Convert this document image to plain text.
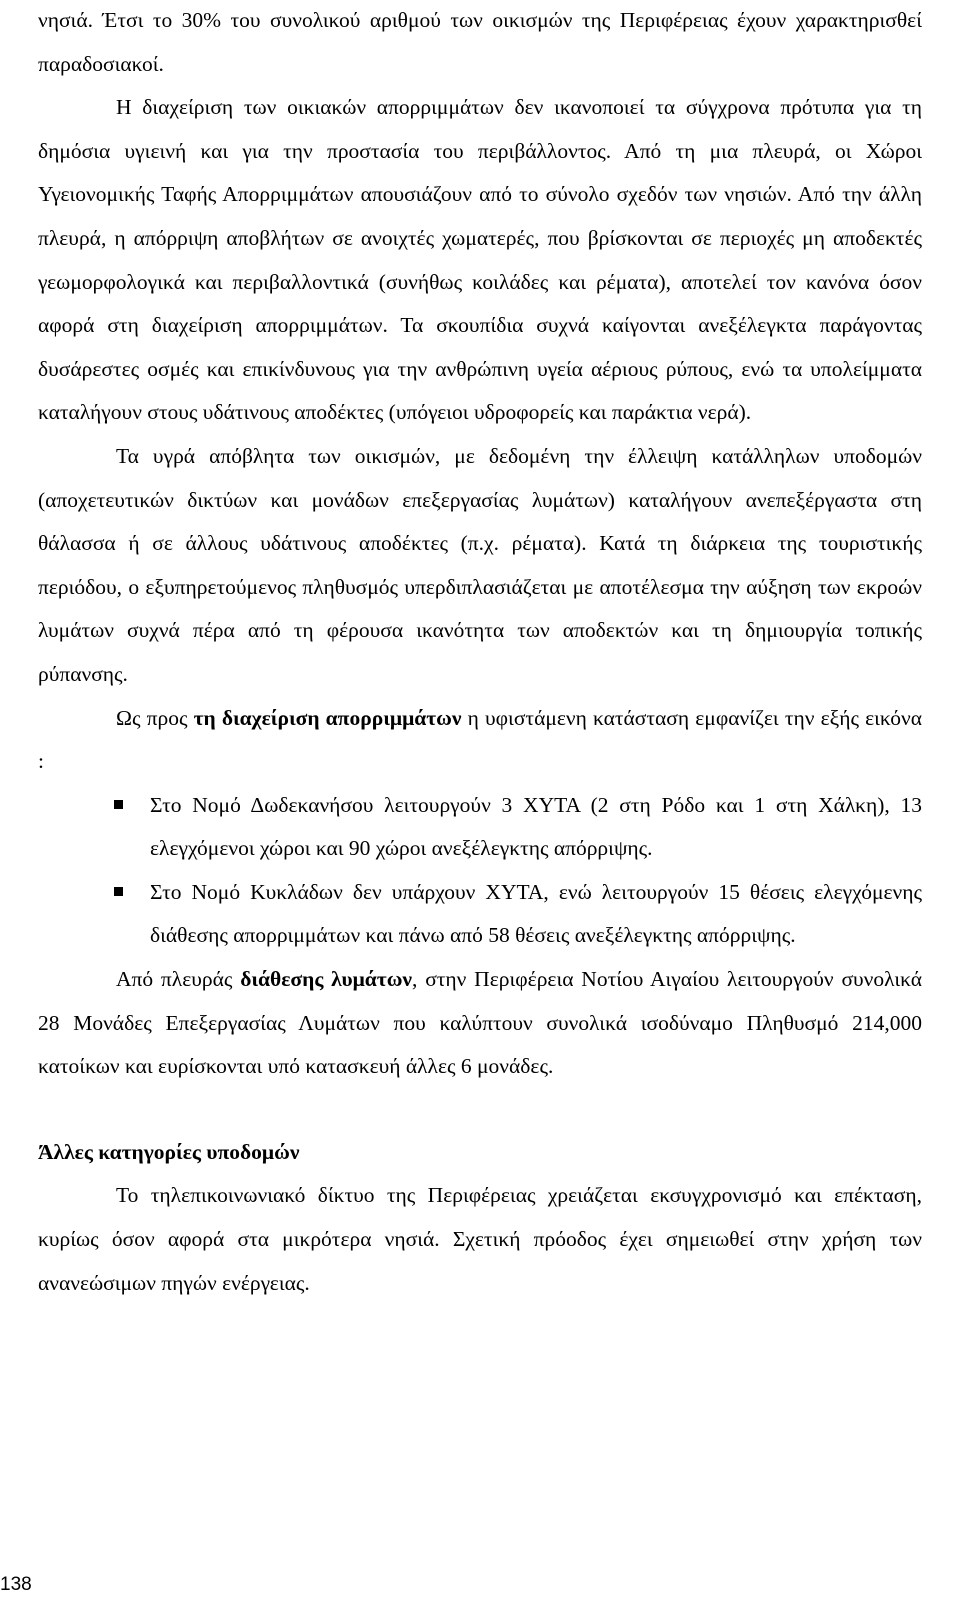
νησιά. Έτσι το 30% του συνολικού αριθμού των οικισμών της Περιφέρειας έχουν χαρακτηρισθεί παραδοσιακοί.

Η διαχείριση των οικιακών απορριμμάτων δεν ικανοποιεί τα σύγχρονα πρότυπα για τη δημόσια υγιεινή και για την προστασία του περιβάλλοντος. Από τη μια πλευρά, οι Χώροι Υγειονομικής Ταφής Απορριμμάτων απουσιάζουν από το σύνολο σχεδόν των νησιών. Από την άλλη πλευρά, η απόρριψη αποβλήτων σε ανοιχτές χωματερές, που βρίσκονται σε περιοχές μη αποδεκτές γεωμορφολογικά και περιβαλλοντικά (συνήθως κοιλάδες και ρέματα), αποτελεί τον κανόνα όσον αφορά στη διαχείριση απορριμμάτων. Τα σκουπίδια συχνά καίγονται ανεξέλεγκτα παράγοντας δυσάρεστες οσμές και επικίνδυνους για την ανθρώπινη υγεία αέριους ρύπους, ενώ τα υπολείμματα καταλήγουν στους υδάτινους αποδέκτες (υπόγειοι υδροφορείς και παράκτια νερά).

Τα υγρά απόβλητα των οικισμών, με δεδομένη την έλλειψη κατάλληλων υποδομών (αποχετευτικών δικτύων και μονάδων επεξεργασίας λυμάτων) καταλήγουν ανεπεξέργαστα στη θάλασσα ή σε άλλους υδάτινους αποδέκτες (π.χ. ρέματα). Κατά τη διάρκεια της τουριστικής περιόδου, ο εξυπηρετούμενος πληθυσμός υπερδιπλασιάζεται με αποτέλεσμα την αύξηση των εκροών λυμάτων συχνά πέρα από τη φέρουσα ικανότητα των αποδεκτών και τη δημιουργία τοπικής ρύπανσης.

Ως προς τη διαχείριση απορριμμάτων η υφιστάμενη κατάσταση εμφανίζει την εξής εικόνα :

Στο Νομό Δωδεκανήσου λειτουργούν 3 ΧΥΤΑ (2 στη Ρόδο και 1 στη Χάλκη), 13 ελεγχόμενοι χώροι και 90 χώροι ανεξέλεγκτης απόρριψης.
Στο Νομό Κυκλάδων δεν υπάρχουν ΧΥΤΑ, ενώ λειτουργούν 15 θέσεις ελεγχόμενης διάθεσης απορριμμάτων και πάνω από 58 θέσεις ανεξέλεγκτης απόρριψης.

Από πλευράς διάθεσης λυμάτων, στην Περιφέρεια Νοτίου Αιγαίου λειτουργούν συνολικά 28 Μονάδες Επεξεργασίας Λυμάτων που καλύπτουν συνολικά ισοδύναμο Πληθυσμό 214,000 κατοίκων και ευρίσκονται υπό κατασκευή άλλες 6 μονάδες.

Άλλες κατηγορίες υποδομών

Το τηλεπικοινωνιακό δίκτυο της Περιφέρειας χρειάζεται εκσυγχρονισμό και επέκταση, κυρίως όσον αφορά στα μικρότερα νησιά. Σχετική πρόοδος έχει σημειωθεί στην χρήση των ανανεώσιμων πηγών ενέργειας.

138
